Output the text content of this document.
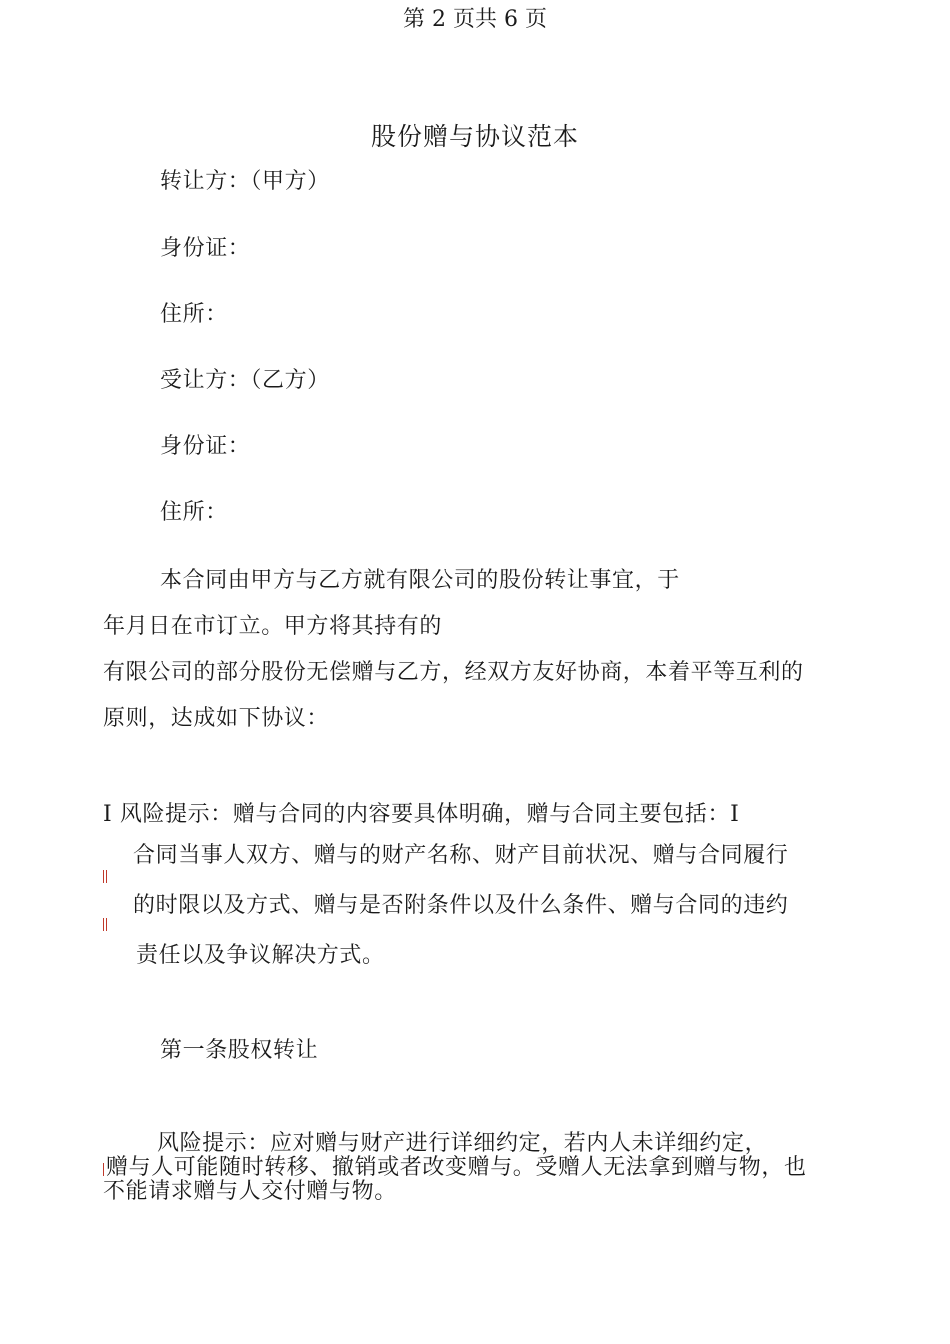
第 2 页共 6 页
股份赠与协议范本
转让方：（甲方）
身份证：
住所：
受让方：（乙方）
身份证：
住所：
本合同由甲方与乙方就有限公司的股份转让事宜，于
年月日在市订立。甲方将其持有的
有限公司的部分股份无偿赠与乙方，经双方友好协商，本着平等互利的
原则，达成如下协议：
I 风险提示：赠与合同的内容要具体明确，赠与合同主要包括：I
合同当事人双方、赠与的财产名称、财产目前状况、赠与合同履行
的时限以及方式、赠与是否附条件以及什么条件、赠与合同的违约
责任以及争议解决方式。
第一条股权转让
风险提示：应对赠与财产进行详细约定，若内人未详细约定，
赠与人可能随时转移、撤销或者改变赠与。受赠人无法拿到赠与物，也
不能请求赠与人交付赠与物。
